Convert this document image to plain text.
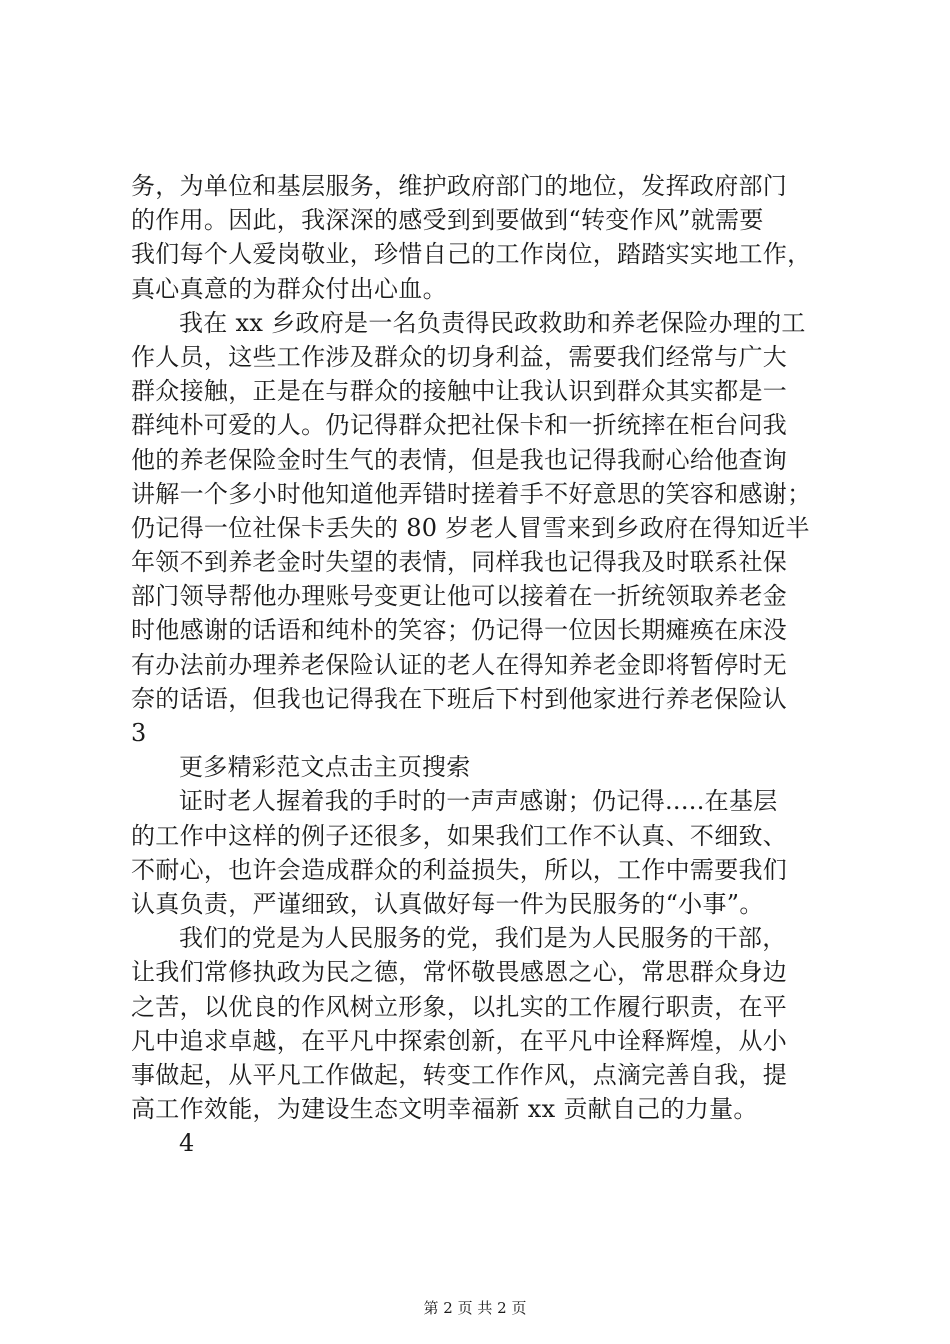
务，为单位和基层服务，维护政府部门的地位，发挥政府部门
的作用。因此，我深深的感受到到要做到“转变作风”就需要
我们每个人爱岗敬业，珍惜自己的工作岗位，踏踏实实地工作，
真心真意的为群众付出心血。
我在 xx 乡政府是一名负责得民政救助和养老保险办理的工
作人员，这些工作涉及群众的切身利益，需要我们经常与广大
群众接触，正是在与群众的接触中让我认识到群众其实都是一
群纯朴可爱的人。仍记得群众把社保卡和一折统摔在柜台问我
他的养老保险金时生气的表情，但是我也记得我耐心给他查询
讲解一个多小时他知道他弄错时搓着手不好意思的笑容和感谢；
仍记得一位社保卡丢失的 80 岁老人冒雪来到乡政府在得知近半
年领不到养老金时失望的表情，同样我也记得我及时联系社保
部门领导帮他办理账号变更让他可以接着在一折统领取养老金
时他感谢的话语和纯朴的笑容；仍记得一位因长期瘫痪在床没
有办法前办理养老保险认证的老人在得知养老金即将暂停时无
奈的话语，但我也记得我在下班后下村到他家进行养老保险认
3
更多精彩范文点击主页搜索
证时老人握着我的手时的一声声感谢；仍记得.....在基层
的工作中这样的例子还很多，如果我们工作不认真、不细致、
不耐心，也许会造成群众的利益损失，所以，工作中需要我们
认真负责，严谨细致，认真做好每一件为民服务的“小事”。
我们的党是为人民服务的党，我们是为人民服务的干部，
让我们常修执政为民之德，常怀敬畏感恩之心，常思群众身边
之苦，以优良的作风树立形象，以扎实的工作履行职责，在平
凡中追求卓越，在平凡中探索创新，在平凡中诠释辉煌，从小
事做起，从平凡工作做起，转变工作作风，点滴完善自我，提
高工作效能，为建设生态文明幸福新 xx 贡献自己的力量。
4
第 2 页 共 2 页
